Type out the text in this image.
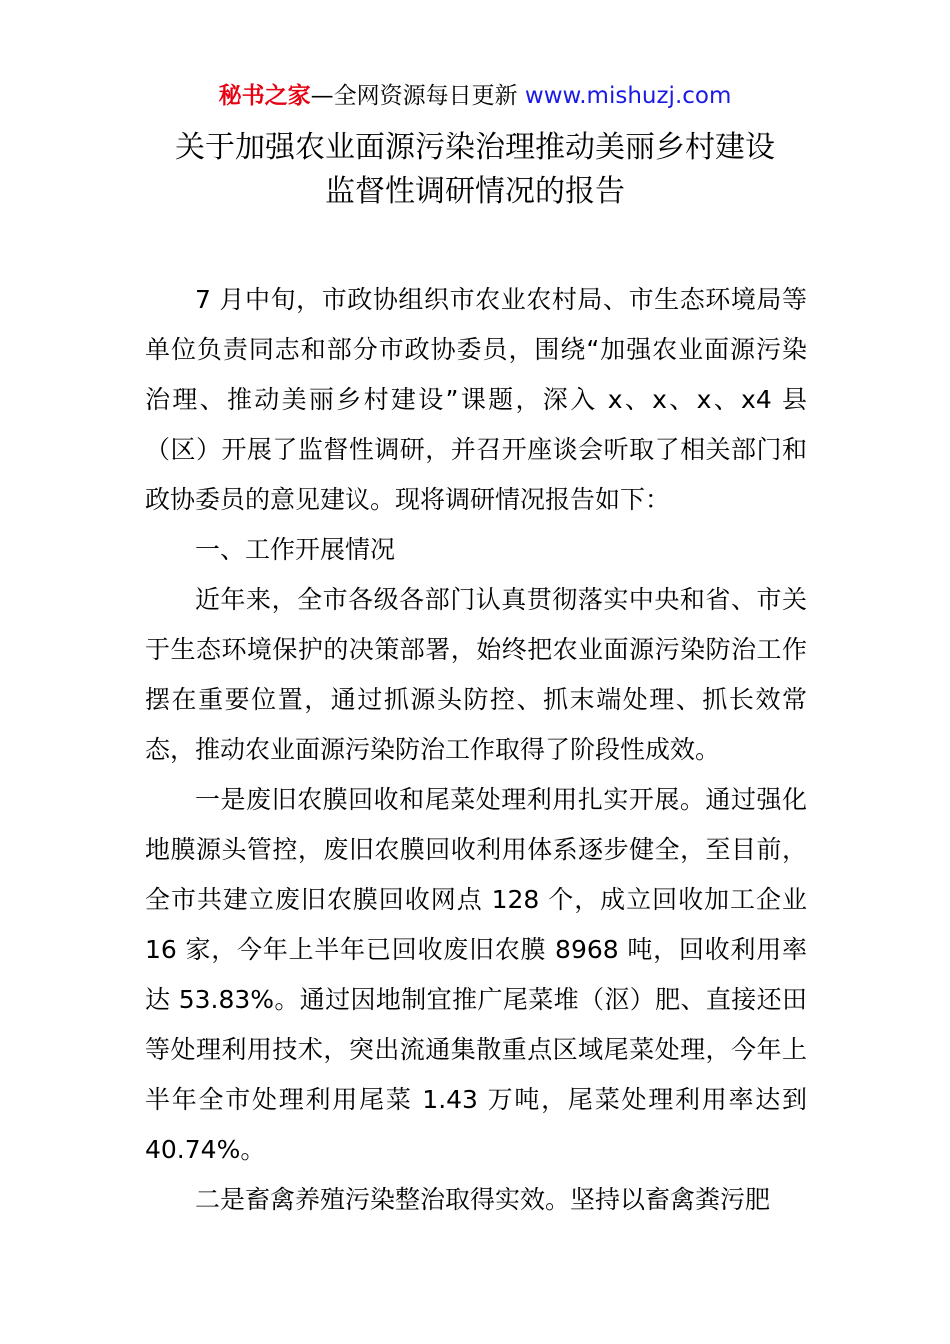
秘书之家—全网资源每日更新 www.mishuzj.com
关于加强农业面源污染治理推动美丽乡村建设
监督性调研情况的报告

7 月中旬，市政协组织市农业农村局、市生态环境局等单位负责同志和部分市政协委员，围绕“加强农业面源污染治理、推动美丽乡村建设”课题，深入 x、x、x、x4 县（区）开展了监督性调研，并召开座谈会听取了相关部门和政协委员的意见建议。现将调研情况报告如下：

一、工作开展情况

近年来，全市各级各部门认真贯彻落实中央和省、市关于生态环境保护的决策部署，始终把农业面源污染防治工作摆在重要位置，通过抓源头防控、抓末端处理、抓长效常态，推动农业面源污染防治工作取得了阶段性成效。

一是废旧农膜回收和尾菜处理利用扎实开展。通过强化地膜源头管控，废旧农膜回收利用体系逐步健全，至目前，全市共建立废旧农膜回收网点 128 个，成立回收加工企业 16 家，今年上半年已回收废旧农膜 8968 吨，回收利用率达 53.83%。通过因地制宜推广尾菜堆（沤）肥、直接还田等处理利用技术，突出流通集散重点区域尾菜处理，今年上半年全市处理利用尾菜 1.43 万吨，尾菜处理利用率达到 40.74%。

二是畜禽养殖污染整治取得实效。坚持以畜禽粪污肥
